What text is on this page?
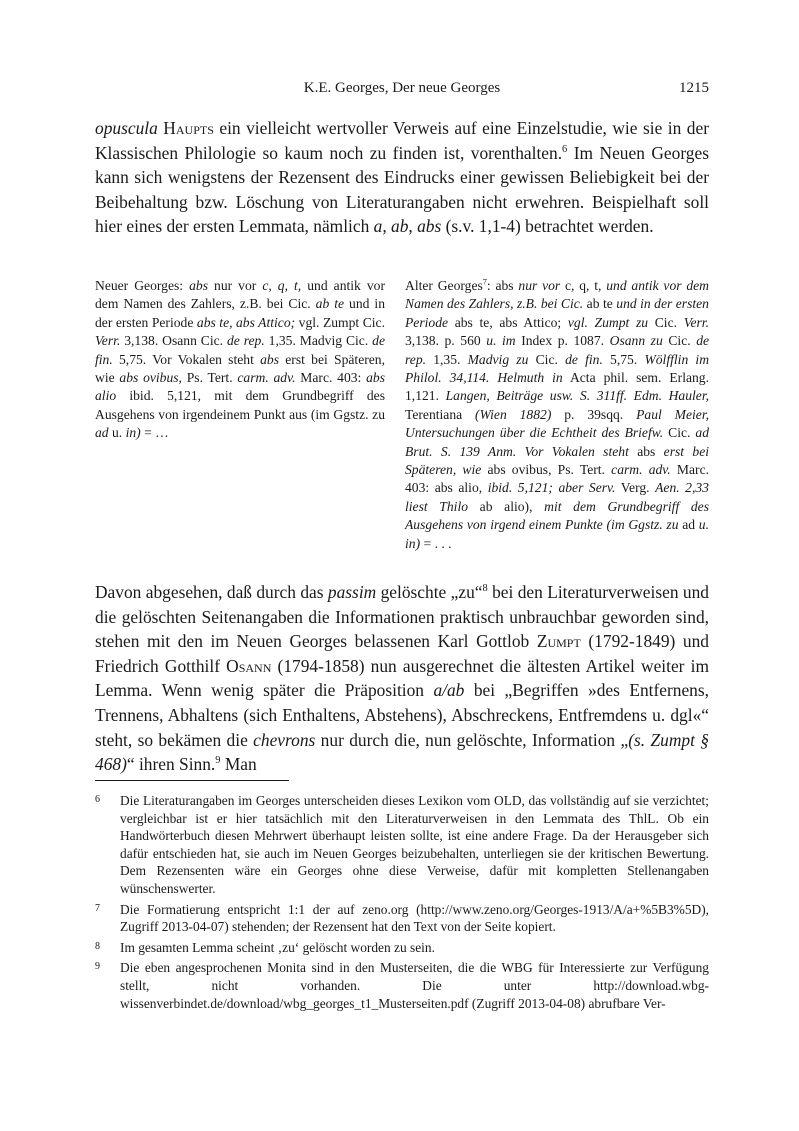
K.E. Georges, Der neue Georges	1215

opuscula Haupts ein vielleicht wertvoller Verweis auf eine Einzelstudie, wie sie in der Klassischen Philologie so kaum noch zu finden ist, vorenthalten.$^6$ Im Neuen Georges kann sich wenigstens der Rezensent des Eindrucks einer gewissen Beliebigkeit bei der Beibehaltung bzw. Löschung von Literaturangaben nicht erwehren. Beispielhaft soll hier eines der ersten Lemmata, nämlich a, ab, abs (s.v. 1,1-4) betrachtet werden.

Neuer Georges: abs nur vor c, q, t, und antik vor dem Namen des Zahlers, z.B. bei Cic. ab te und in der ersten Periode abs te, abs Attico; vgl. Zumpt Cic. Verr. 3,138. Osann Cic. de rep. 1,35. Madvig Cic. de fin. 5,75. Vor Vokalen steht abs erst bei Späteren, wie abs ovibus, Ps. Tert. carm. adv. Marc. 403: abs alio ibid. 5,121, mit dem Grundbegriff des Ausgehens von irgendeinem Punkt aus (im Ggstz. zu ad u. in) = …

Alter Georges$^7$: abs nur vor c, q, t, und antik vor dem Namen des Zahlers, z.B. bei Cic. ab te und in der ersten Periode abs te, abs Attico; vgl. Zumpt zu Cic. Verr. 3,138. p. 560 u. im Index p. 1087. Osann zu Cic. de rep. 1,35. Madvig zu Cic. de fin. 5,75. Wölfflin im Philol. 34,114. Helmuth in Acta phil. sem. Erlang. 1,121. Langen, Beiträge usw. S. 311ff. Edm. Hauler, Terentiana (Wien 1882) p. 39sqq. Paul Meier, Untersuchungen über die Echtheit des Briefw. Cic. ad Brut. S. 139 Anm. Vor Vokalen steht abs erst bei Späteren, wie abs ovibus, Ps. Tert. carm. adv. Marc. 403: abs alio, ibid. 5,121; aber Serv. Verg. Aen. 2,33 liest Thilo ab alio), mit dem Grundbegriff des Ausgehens von irgend einem Punkte (im Ggstz. zu ad u. in) = . . .

Davon abgesehen, daß durch das passim gelöschte „zu“$^8$ bei den Literaturverweisen und die gelöschten Seitenangaben die Informationen praktisch unbrauchbar geworden sind, stehen mit den im Neuen Georges belassenen Karl Gottlob Zumpt (1792-1849) und Friedrich Gotthilf Osann (1794-1858) nun ausgerechnet die ältesten Artikel weiter im Lemma. Wenn wenig später die Präposition a/ab bei „Begriffen »des Entfernens, Trennens, Abhaltens (sich Enthaltens, Abstehens), Abschreckens, Entfremdens u. dgl«“ steht, so bekämen die chevrons nur durch die, nun gelöschte, Information „(s. Zumpt § 468)“ ihren Sinn.$^9$ Man

6 Die Literaturangaben im Georges unterscheiden dieses Lexikon vom OLD, das vollständig auf sie verzichtet; vergleichbar ist er hier tatsächlich mit den Literaturverweisen in den Lemmata des ThlL. Ob ein Handwörterbuch diesen Mehrwert überhaupt leisten sollte, ist eine andere Frage. Da der Herausgeber sich dafür entschieden hat, sie auch im Neuen Georges beizubehalten, unterliegen sie der kritischen Bewertung. Dem Rezensenten wäre ein Georges ohne diese Verweise, dafür mit kompletten Stellenangaben wünschenswerter.

7 Die Formatierung entspricht 1:1 der auf zeno.org (http://www.zeno.org/Georges-1913/A/a+%5B3%5D), Zugriff 2013-04-07) stehenden; der Rezensent hat den Text von der Seite kopiert.

8 Im gesamten Lemma scheint ‚zu‘ gelöscht worden zu sein.

9 Die eben angesprochenen Monita sind in den Musterseiten, die die WBG für Interessierte zur Verfügung stellt, nicht vorhanden. Die unter http://download.wbg- wissenverbindet.de/download/wbg_georges_t1_Musterseiten.pdf (Zugriff 2013-04-08) abrufbare Ver-
